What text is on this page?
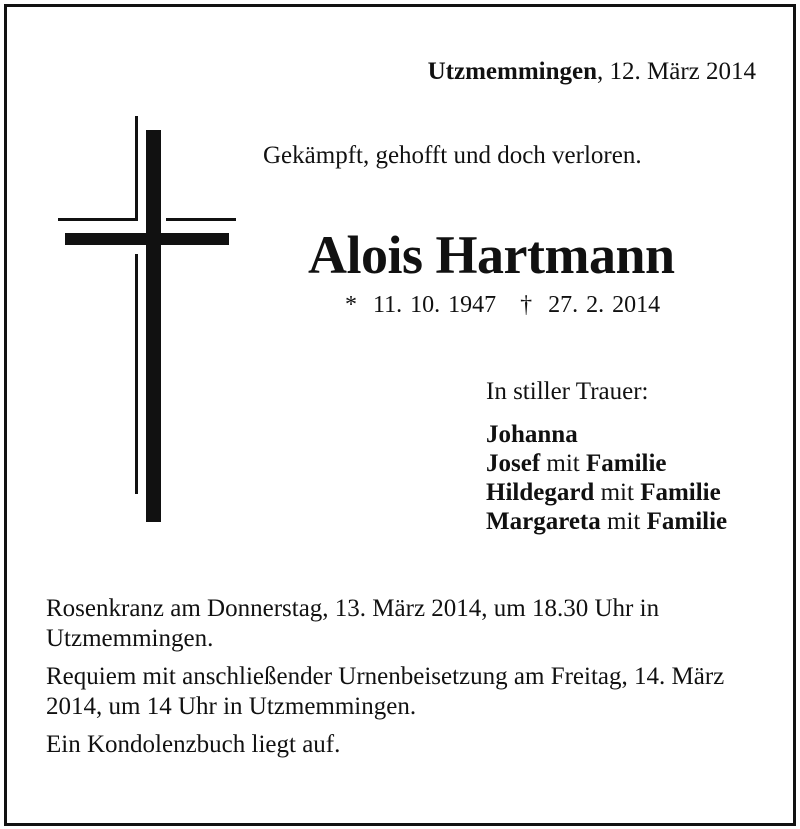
Utzmemmingen, 12. März 2014
Gekämpft, gehofft und doch verloren.
Alois Hartmann
* 11. 10. 1947 † 27. 2. 2014
In stiller Trauer:
Johanna
Josef mit Familie
Hildegard mit Familie
Margareta mit Familie

Rosenkranz am Donnerstag, 13. März 2014, um 18.30 Uhr in Utzmemmingen.

Requiem mit anschließender Urnenbeisetzung am Freitag, 14. März 2014, um 14 Uhr in Utzmemmingen.

Ein Kondolenzbuch liegt auf.
